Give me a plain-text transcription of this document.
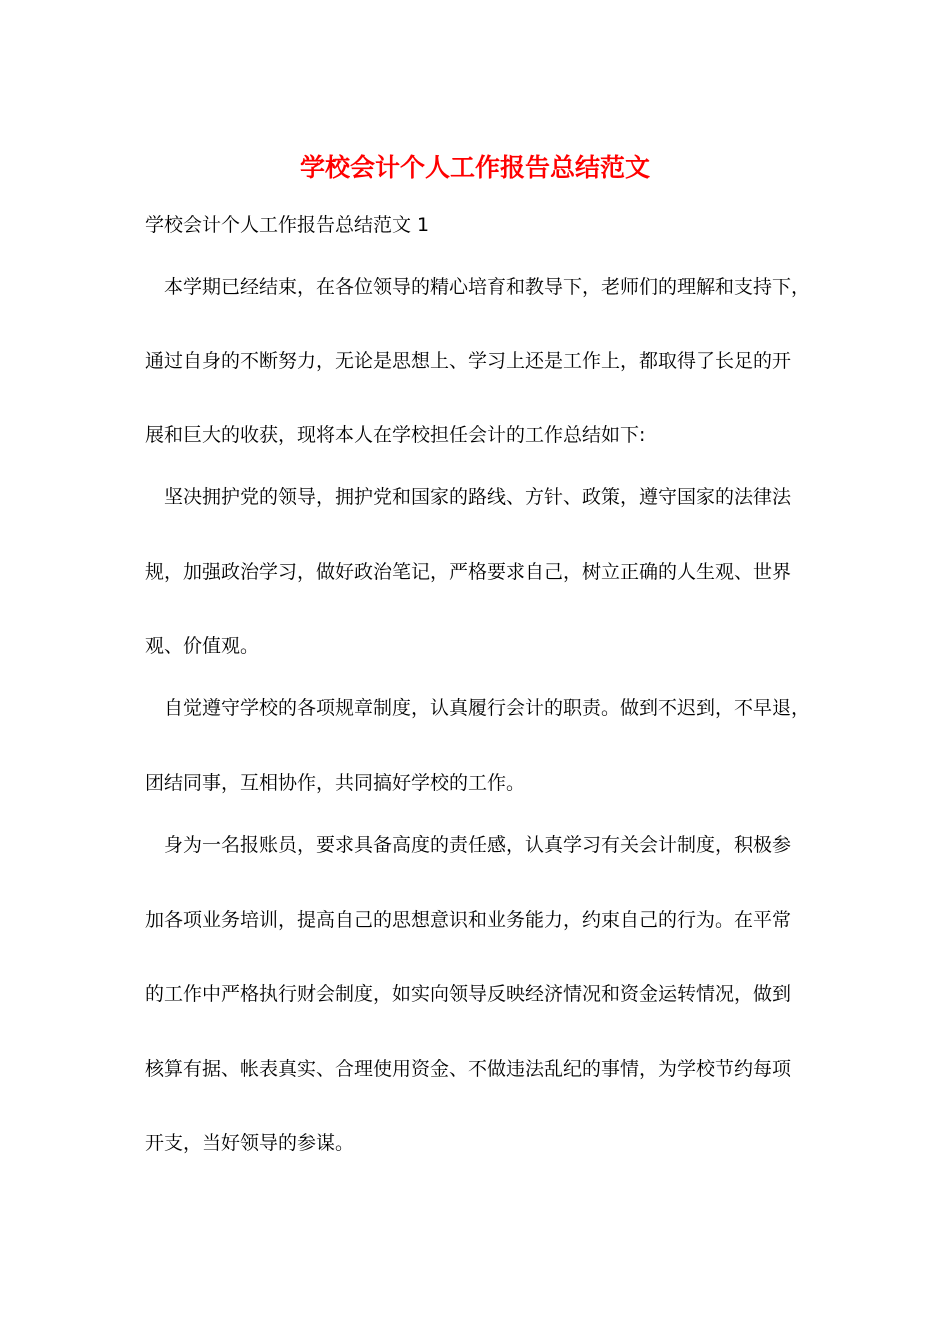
学校会计个人工作报告总结范文

学校会计个人工作报告总结范文 1

本学期已经结束，在各位领导的精心培育和教导下，老师们的理解和支持下，

通过自身的不断努力，无论是思想上、学习上还是工作上，都取得了长足的开

展和巨大的收获，现将本人在学校担任会计的工作总结如下:

坚决拥护党的领导，拥护党和国家的路线、方针、政策，遵守国家的法律法

规，加强政治学习，做好政治笔记，严格要求自己，树立正确的人生观、世界

观、价值观。

自觉遵守学校的各项规章制度，认真履行会计的职责。做到不迟到，不早退，

团结同事，互相协作，共同搞好学校的工作。

身为一名报账员，要求具备高度的责任感，认真学习有关会计制度，积极参

加各项业务培训，提高自己的思想意识和业务能力，约束自己的行为。在平常

的工作中严格执行财会制度，如实向领导反映经济情况和资金运转情况，做到

核算有据、帐表真实、合理使用资金、不做违法乱纪的事情，为学校节约每项

开支，当好领导的参谋。
